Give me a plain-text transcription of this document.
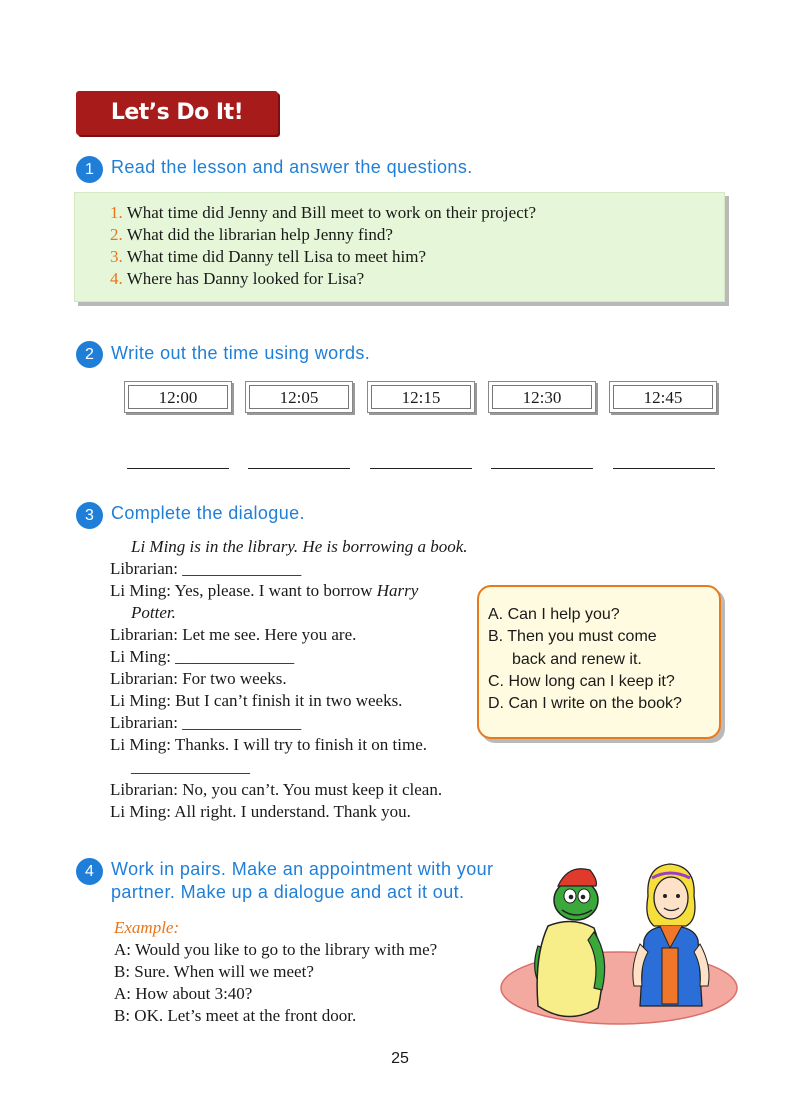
Let’s Do It!
1 Read the lesson and answer the questions.
1. What time did Jenny and Bill meet to work on their project?
2. What did the librarian help Jenny find?
3. What time did Danny tell Lisa to meet him?
4. Where has Danny looked for Lisa?
2 Write out the time using words.
12:00	12:05	12:15	12:30	12:45
3 Complete the dialogue.
Li Ming is in the library. He is borrowing a book.
Librarian: ______________
Li Ming: Yes, please. I want to borrow Harry
Potter.
Librarian: Let me see. Here you are.
Li Ming: ______________
Librarian: For two weeks.
Li Ming: But I can’t finish it in two weeks.
Librarian: ______________
Li Ming: Thanks. I will try to finish it on time.
______________
Librarian: No, you can’t. You must keep it clean.
Li Ming: All right. I understand. Thank you.
A. Can I help you?
B. Then you must come
back and renew it.
C. How long can I keep it?
D. Can I write on the book?
4 Work in pairs. Make an appointment with your
partner. Make up a dialogue and act it out.
Example:
A: Would you like to go to the library with me?
B: Sure. When will we meet?
A: How about 3:40?
B: OK. Let’s meet at the front door.
25
